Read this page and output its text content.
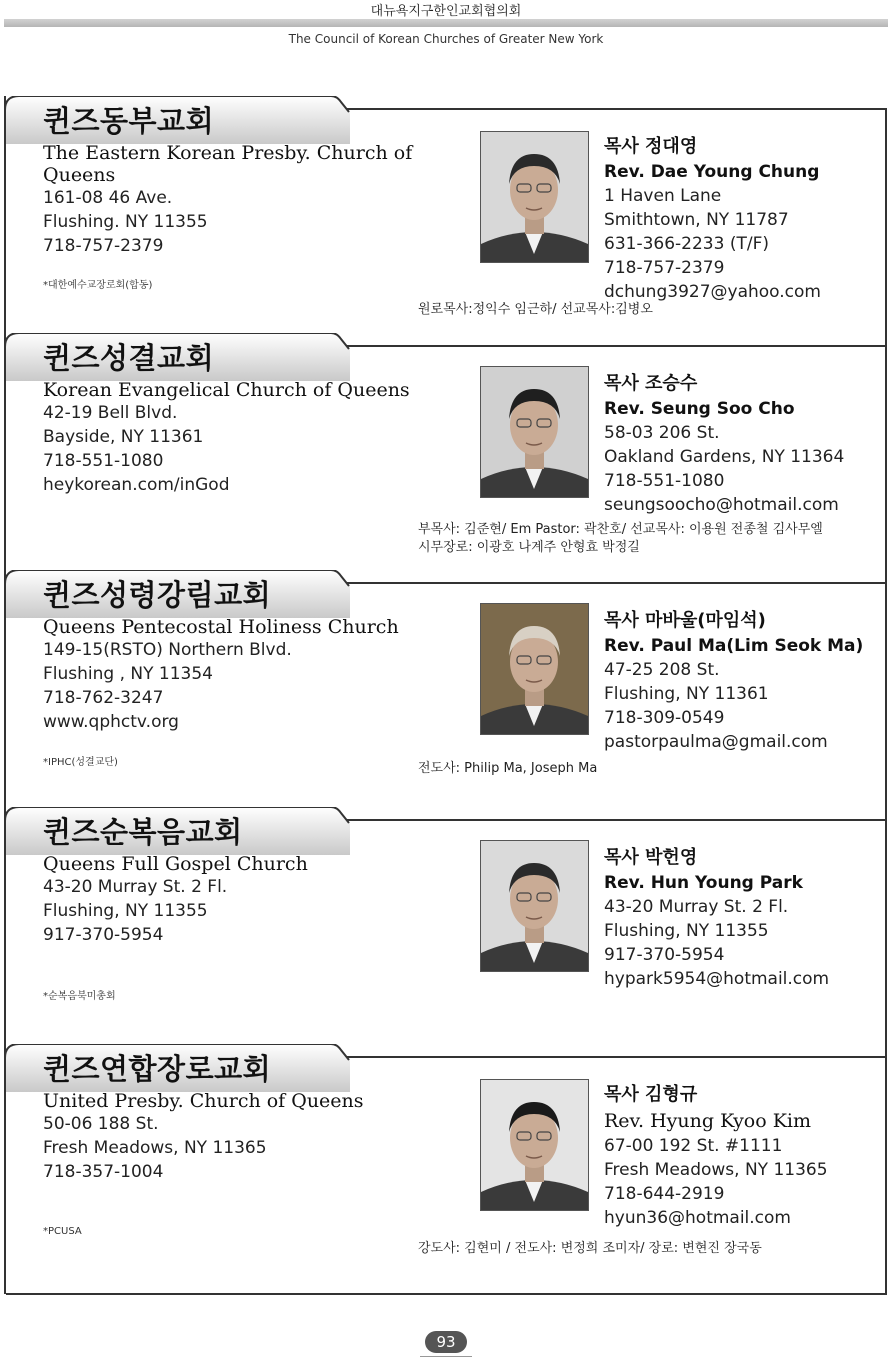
대뉴욕지구한인교회협의회
The Council of Korean Churches of Greater New York
퀸즈동부교회
The Eastern Korean Presby. Church of Queens
161-08 46 Ave.
Flushing. NY 11355
718-757-2379
*대한예수교장로회(합동)
목사 정대영
Rev. Dae Young Chung
1 Haven Lane
Smithtown, NY 11787
631-366-2233 (T/F)
718-757-2379
dchung3927@yahoo.com
원로목사:정익수 임근하/ 선교목사:김병오
퀸즈성결교회
Korean Evangelical Church of Queens
42-19 Bell Blvd.
Bayside, NY 11361
718-551-1080
heykorean.com/inGod
목사 조승수
Rev. Seung Soo Cho
58-03 206 St.
Oakland Gardens, NY 11364
718-551-1080
seungsoocho@hotmail.com
부목사: 김준현/ Em Pastor: 곽찬호/ 선교목사: 이용원 전종철 김사무엘
시무장로: 이광호 나계주 안형효 박정길
퀸즈성령강림교회
Queens Pentecostal Holiness Church
149-15(RSTO) Northern Blvd.
Flushing , NY 11354
718-762-3247
www.qphctv.org
*IPHC(성결교단)
목사 마바울(마임석)
Rev. Paul Ma(Lim Seok Ma)
47-25 208 St.
Flushing, NY 11361
718-309-0549
pastorpaulma@gmail.com
전도사: Philip Ma, Joseph Ma
퀸즈순복음교회
Queens Full Gospel Church
43-20 Murray St. 2 Fl.
Flushing, NY 11355
917-370-5954
*순복음북미총회
목사 박헌영
Rev. Hun Young Park
43-20 Murray St. 2 Fl.
Flushing, NY 11355
917-370-5954
hypark5954@hotmail.com
퀸즈연합장로교회
United Presby. Church of Queens
50-06 188 St.
Fresh Meadows, NY 11365
718-357-1004
*PCUSA
목사 김형규
Rev. Hyung Kyoo Kim
67-00 192 St. #1111
Fresh Meadows, NY 11365
718-644-2919
hyun36@hotmail.com
강도사: 김현미 / 전도사: 변정희 조미자/ 장로: 변현진 장국동
93
